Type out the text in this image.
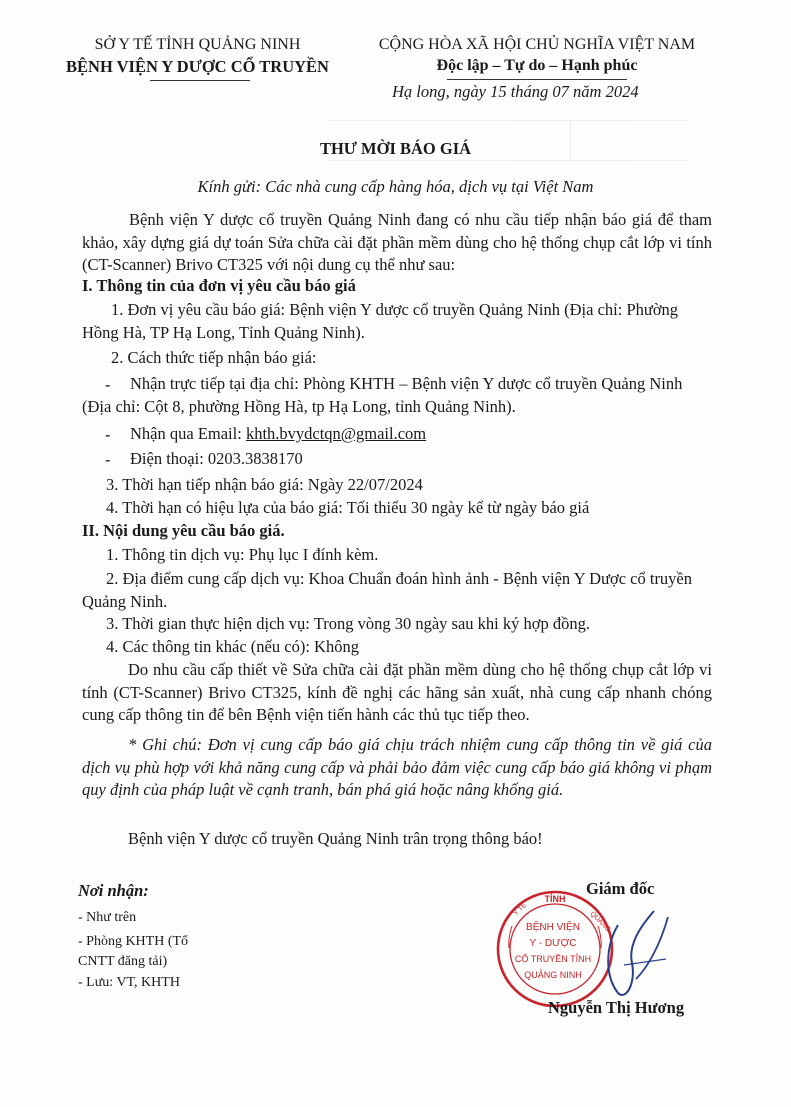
SỞ Y TẾ TỈNH QUẢNG NINH
BỆNH VIỆN Y DƯỢC CỔ TRUYỀN
CỘNG HÒA XÃ HỘI CHỦ NGHĨA VIỆT NAM
Độc lập – Tự do – Hạnh phúc
Hạ long, ngày 15 tháng 07 năm 2024
THƯ MỜI BÁO GIÁ
Kính gửi: Các nhà cung cấp hàng hóa, dịch vụ tại Việt Nam
Bệnh viện Y dược cổ truyền Quảng Ninh đang có nhu cầu tiếp nhận báo giá để tham khảo, xây dựng giá dự toán Sửa chữa cài đặt phần mềm dùng cho hệ thống chụp cắt lớp vi tính (CT-Scanner) Brivo CT325 với nội dung cụ thể như sau:
I. Thông tin của đơn vị yêu cầu báo giá
1. Đơn vị yêu cầu báo giá: Bệnh viện Y dược cổ truyền Quảng Ninh (Địa chỉ: Phường Hồng Hà, TP Hạ Long, Tỉnh Quảng Ninh).
2. Cách thức tiếp nhận báo giá:
-	Nhận trực tiếp tại địa chỉ: Phòng KHTH – Bệnh viện Y dược cổ truyền Quảng Ninh (Địa chỉ: Cột 8, phường Hồng Hà, tp Hạ Long, tỉnh Quảng Ninh).
- Nhận qua Email: khth.bvydctqn@gmail.com
- Điện thoại: 0203.3838170
3. Thời hạn tiếp nhận báo giá: Ngày 22/07/2024
4. Thời hạn có hiệu lựa của báo giá: Tối thiểu 30 ngày kể từ ngày báo giá
II. Nội dung yêu cầu báo giá.
1. Thông tin dịch vụ: Phụ lục I đính kèm.
2. Địa điểm cung cấp dịch vụ: Khoa Chuẩn đoán hình ảnh - Bệnh viện Y Dược cổ truyền Quảng Ninh.
3. Thời gian thực hiện dịch vụ: Trong vòng 30 ngày sau khi ký hợp đồng.
4. Các thông tin khác (nếu có): Không
Do nhu cầu cấp thiết về Sửa chữa cài đặt phần mềm dùng cho hệ thống chụp cắt lớp vi tính (CT-Scanner) Brivo CT325, kính đề nghị các hãng sản xuất, nhà cung cấp nhanh chóng cung cấp thông tin để bên Bệnh viện tiến hành các thủ tục tiếp theo.
* Ghi chú: Đơn vị cung cấp báo giá chịu trách nhiệm cung cấp thông tin về giá của dịch vụ phù hợp với khả năng cung cấp và phải bảo đảm việc cung cấp báo giá không vi phạm quy định của pháp luật về cạnh tranh, bán phá giá hoặc nâng khống giá.
Bệnh viện Y dược cổ truyền Quảng Ninh trân trọng thông báo!
Nơi nhận:
- Như trên
- Phòng KHTH (Tổ CNTT đăng tải)
- Lưu: VT, KHTH
Giám đốc
TỈNH
BỆNH VIỆN
Y - DƯỢC
CỔ TRUYỀN TỈNH
QUẢNG NINH
Y TẾ
QUẢNG
Nguyễn Thị Hương
